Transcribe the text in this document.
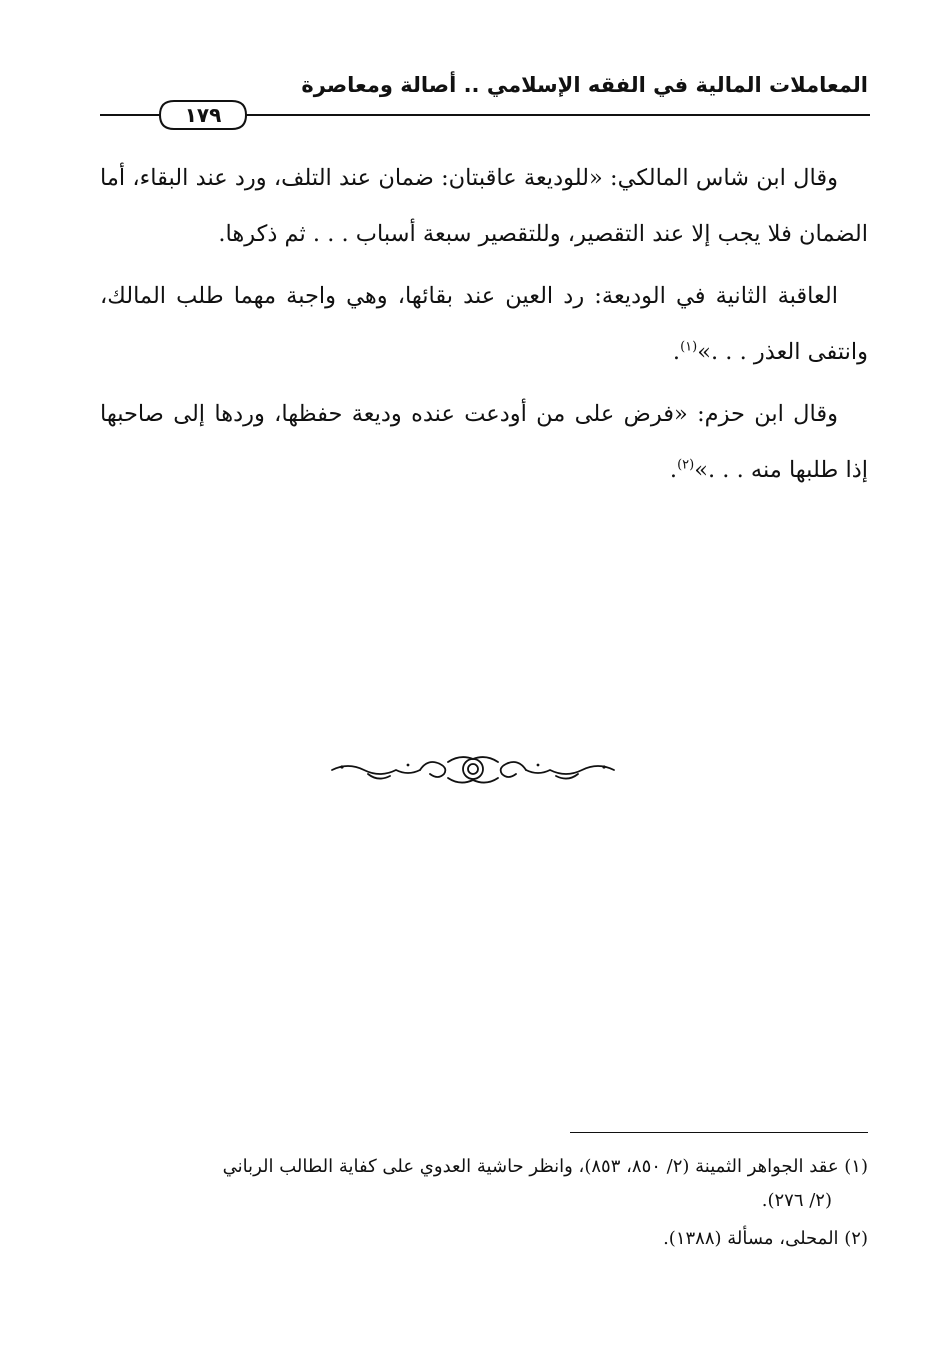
المعاملات المالية في الفقه الإسلامي .. أصالة ومعاصرة
١٧٩

وقال ابن شاس المالكي: «للوديعة عاقبتان: ضمان عند التلف، ورد عند البقاء، أما الضمان فلا يجب إلا عند التقصير، وللتقصير سبعة أسباب . . . ثم ذكرها.

العاقبة الثانية في الوديعة: رد العين عند بقائها، وهي واجبة مهما طلب المالك، وانتفى العذر . . .»$^{(١)}$.

وقال ابن حزم: «فرض على من أودعت عنده وديعة حفظها، وردها إلى صاحبها إذا طلبها منه . . .»$^{(٢)}$.

(١) عقد الجواهر الثمينة (٢/ ٨٥٠، ٨٥٣)، وانظر حاشية العدوي على كفاية الطالب الرباني
(٢/ ٢٧٦).

(٢) المحلى، مسألة (١٣٨٨).
